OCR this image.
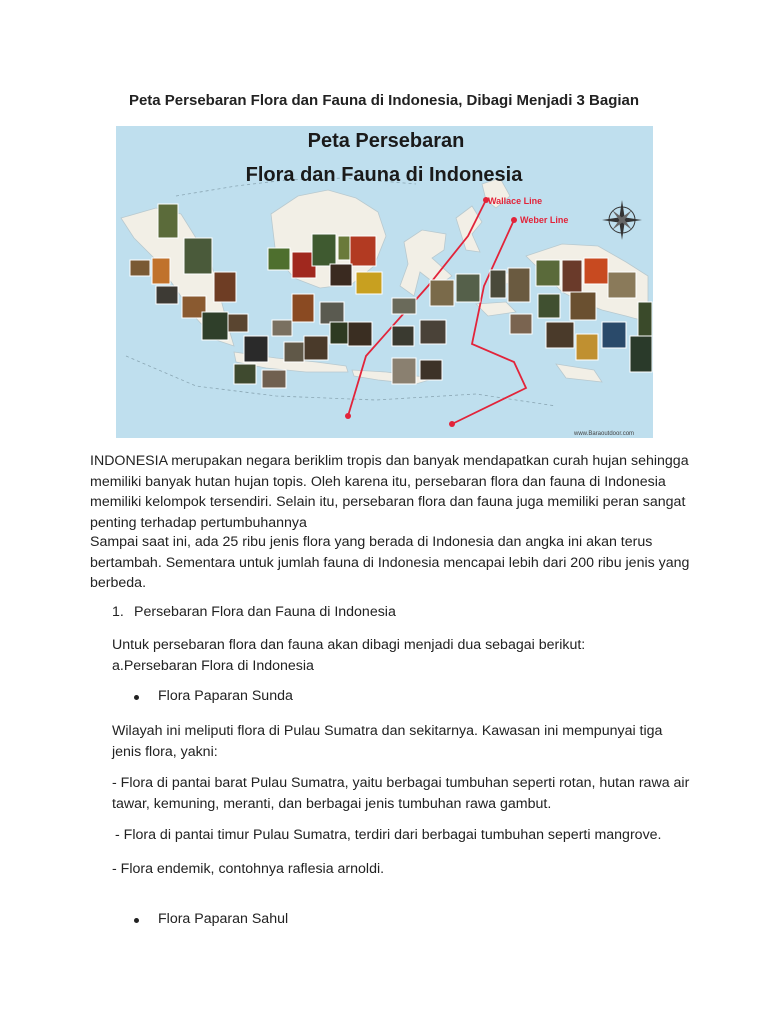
Peta Persebaran Flora dan Fauna di Indonesia, Dibagi Menjadi 3 Bagian
Peta Persebaran
Flora dan Fauna di Indonesia
Wallace Line
Weber Line
www.Baraoutdoor.com

INDONESIA merupakan negara beriklim tropis dan banyak mendapatkan curah hujan sehingga memiliki banyak hutan hujan topis. Oleh karena itu, persebaran flora dan fauna di Indonesia memiliki kelompok tersendiri. Selain itu, persebaran flora dan fauna juga memiliki peran sangat penting terhadap pertumbuhannya

Sampai saat ini, ada 25 ribu jenis flora yang berada di Indonesia dan angka ini akan terus bertambah. Sementara untuk jumlah fauna di Indonesia mencapai lebih dari 200 ribu jenis yang berbeda.

1. Persebaran Flora dan Fauna di Indonesia
Untuk persebaran flora dan fauna akan dibagi menjadi dua sebagai berikut:
a.Persebaran Flora di Indonesia
Flora Paparan Sunda

Wilayah ini meliputi flora di Pulau Sumatra dan sekitarnya. Kawasan ini mempunyai tiga jenis flora, yakni:

- Flora di pantai barat Pulau Sumatra, yaitu berbagai tumbuhan seperti rotan, hutan rawa air tawar, kemuning, meranti, dan berbagai jenis tumbuhan rawa gambut.

- Flora di pantai timur Pulau Sumatra, terdiri dari berbagai tumbuhan seperti mangrove.

- Flora endemik, contohnya raflesia arnoldi.

Flora Paparan Sahul
